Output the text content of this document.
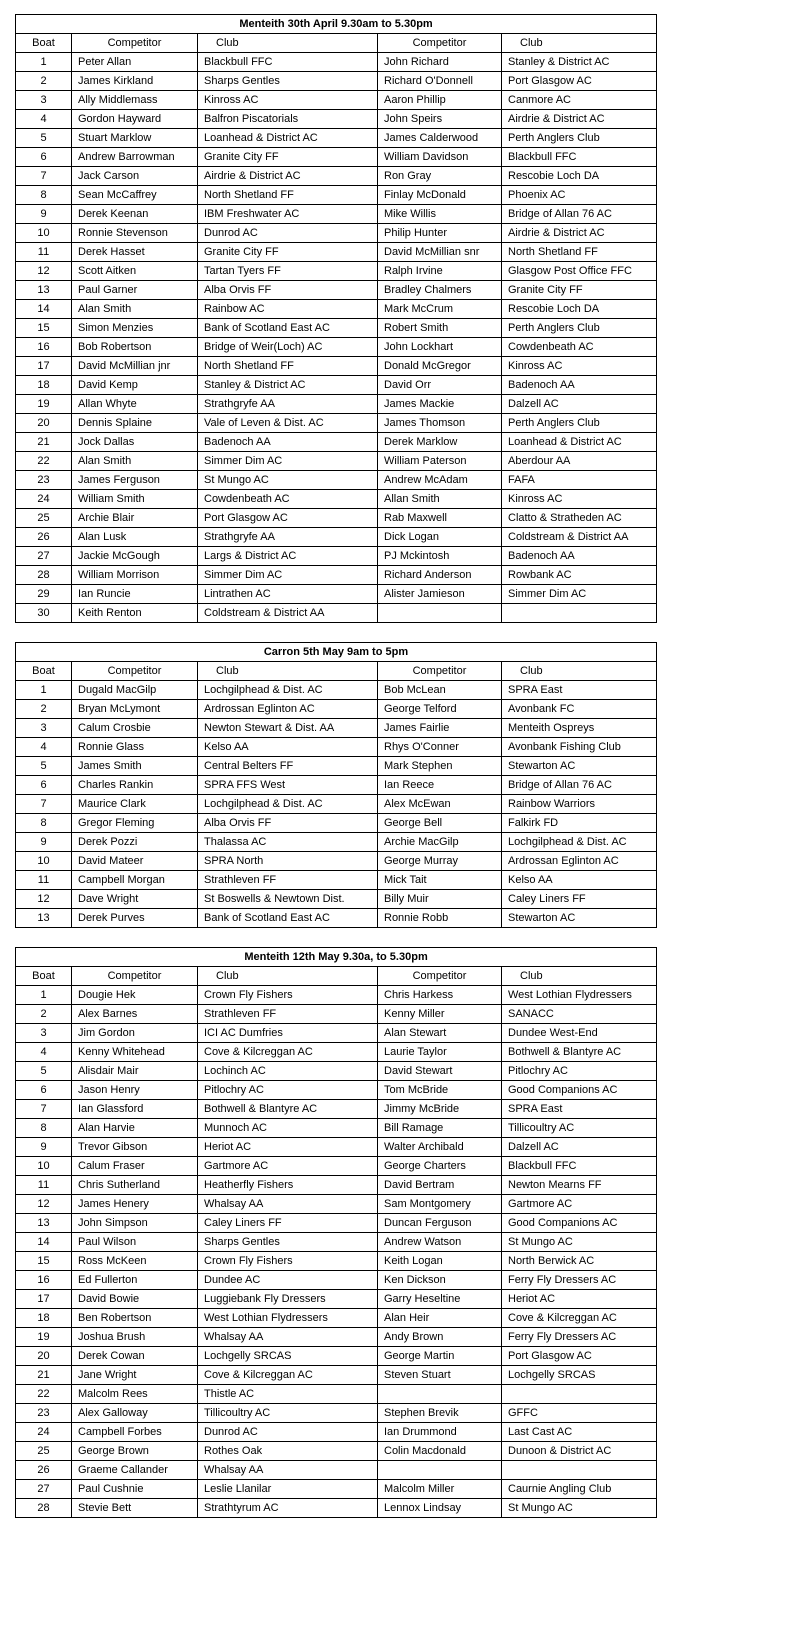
Menteith 30th April 9.30am to 5.30pm				
Boat	Competitor	Club	Competitor	Club
1	Peter Allan	Blackbull FFC	John Richard	Stanley & District AC
2	James Kirkland	Sharps Gentles	Richard O'Donnell	Port Glasgow AC
3	Ally Middlemass	Kinross AC	Aaron Phillip	Canmore AC
4	Gordon Hayward	Balfron Piscatorials	John Speirs	Airdrie & District AC
5	Stuart Marklow	Loanhead & District AC	James Calderwood	Perth Anglers Club
6	Andrew Barrowman	Granite City FF	William Davidson	Blackbull FFC
7	Jack Carson	Airdrie & District AC	Ron Gray	Rescobie Loch DA
8	Sean McCaffrey	North Shetland FF	Finlay McDonald	Phoenix AC
9	Derek Keenan	IBM Freshwater AC	Mike Willis	Bridge of Allan 76 AC
10	Ronnie Stevenson	Dunrod AC	Philip Hunter	Airdrie & District AC
11	Derek Hasset	Granite City FF	David McMillian snr	North Shetland FF
12	Scott Aitken	Tartan Tyers FF	Ralph Irvine	Glasgow Post Office FFC
13	Paul Garner	Alba Orvis FF	Bradley Chalmers	Granite City FF
14	Alan Smith	Rainbow AC	Mark McCrum	Rescobie Loch DA
15	Simon Menzies	Bank of Scotland East AC	Robert Smith	Perth Anglers Club
16	Bob Robertson	Bridge of Weir(Loch) AC	John Lockhart	Cowdenbeath AC
17	David McMillian jnr	North Shetland FF	Donald McGregor	Kinross AC
18	David Kemp	Stanley & District AC	David Orr	Badenoch AA
19	Allan Whyte	Strathgryfe AA	James Mackie	Dalzell AC
20	Dennis Splaine	Vale of Leven & Dist. AC	James Thomson	Perth Anglers Club
21	Jock Dallas	Badenoch AA	Derek Marklow	Loanhead & District AC
22	Alan Smith	Simmer Dim AC	William Paterson	Aberdour AA
23	James Ferguson	St Mungo AC	Andrew McAdam	FAFA
24	William Smith	Cowdenbeath AC	Allan Smith	Kinross AC
25	Archie Blair	Port Glasgow AC	Rab Maxwell	Clatto & Stratheden AC
26	Alan Lusk	Strathgryfe AA	Dick Logan	Coldstream & District AA
27	Jackie McGough	Largs & District AC	PJ Mckintosh	Badenoch AA
28	William Morrison	Simmer Dim AC	Richard Anderson	Rowbank AC
29	Ian Runcie	Lintrathen AC	Alister Jamieson	Simmer Dim AC
30	Keith Renton	Coldstream & District AA		
Carron 5th May 9am to 5pm				
Boat	Competitor	Club	Competitor	Club
1	Dugald MacGilp	Lochgilphead & Dist. AC	Bob McLean	SPRA East
2	Bryan McLymont	Ardrossan Eglinton AC	George Telford	Avonbank FC
3	Calum Crosbie	Newton Stewart & Dist. AA	James Fairlie	Menteith Ospreys
4	Ronnie Glass	Kelso AA	Rhys O'Conner	Avonbank Fishing Club
5	James Smith	Central Belters FF	Mark Stephen	Stewarton AC
6	Charles Rankin	SPRA FFS West	Ian Reece	Bridge of Allan 76 AC
7	Maurice Clark	Lochgilphead & Dist. AC	Alex McEwan	Rainbow Warriors
8	Gregor Fleming	Alba Orvis FF	George Bell	Falkirk FD
9	Derek Pozzi	Thalassa AC	Archie MacGilp	Lochgilphead & Dist. AC
10	David Mateer	SPRA North	George Murray	Ardrossan Eglinton AC
11	Campbell Morgan	Strathleven FF	Mick Tait	Kelso AA
12	Dave Wright	St Boswells & Newtown Dist.	Billy Muir	Caley Liners FF
13	Derek Purves	Bank of Scotland East AC	Ronnie Robb	Stewarton AC
Menteith 12th May 9.30a, to 5.30pm				
Boat	Competitor	Club	Competitor	Club
1	Dougie Hek	Crown Fly Fishers	Chris Harkess	West Lothian Flydressers
2	Alex Barnes	Strathleven FF	Kenny Miller	SANACC
3	Jim Gordon	ICI AC Dumfries	Alan Stewart	Dundee West-End
4	Kenny Whitehead	Cove & Kilcreggan AC	Laurie Taylor	Bothwell & Blantyre AC
5	Alisdair Mair	Lochinch AC	David Stewart	Pitlochry AC
6	Jason Henry	Pitlochry AC	Tom McBride	Good Companions AC
7	Ian Glassford	Bothwell & Blantyre AC	Jimmy McBride	SPRA East
8	Alan Harvie	Munnoch AC	Bill Ramage	Tillicoultry AC
9	Trevor Gibson	Heriot AC	Walter Archibald	Dalzell AC
10	Calum Fraser	Gartmore AC	George Charters	Blackbull FFC
11	Chris Sutherland	Heatherfly Fishers	David Bertram	Newton Mearns FF
12	James Henery	Whalsay AA	Sam Montgomery	Gartmore AC
13	John Simpson	Caley Liners FF	Duncan Ferguson	Good Companions AC
14	Paul Wilson	Sharps Gentles	Andrew Watson	St Mungo AC
15	Ross McKeen	Crown Fly Fishers	Keith Logan	North Berwick AC
16	Ed Fullerton	Dundee AC	Ken Dickson	Ferry Fly Dressers AC
17	David Bowie	Luggiebank Fly Dressers	Garry Heseltine	Heriot AC
18	Ben Robertson	West Lothian Flydressers	Alan Heir	Cove & Kilcreggan AC
19	Joshua Brush	Whalsay AA	Andy Brown	Ferry Fly Dressers AC
20	Derek Cowan	Lochgelly SRCAS	George Martin	Port Glasgow AC
21	Jane Wright	Cove & Kilcreggan AC	Steven Stuart	Lochgelly SRCAS
22	Malcolm Rees	Thistle AC		
23	Alex Galloway	Tillicoultry AC	Stephen Brevik	GFFC
24	Campbell Forbes	Dunrod AC	Ian Drummond	Last Cast AC
25	George Brown	Rothes Oak	Colin Macdonald	Dunoon & District AC
26	Graeme Callander	Whalsay AA		
27	Paul Cushnie	Leslie Llanilar	Malcolm Miller	Caurnie Angling Club
28	Stevie Bett	Strathtyrum AC	Lennox Lindsay	St Mungo AC
